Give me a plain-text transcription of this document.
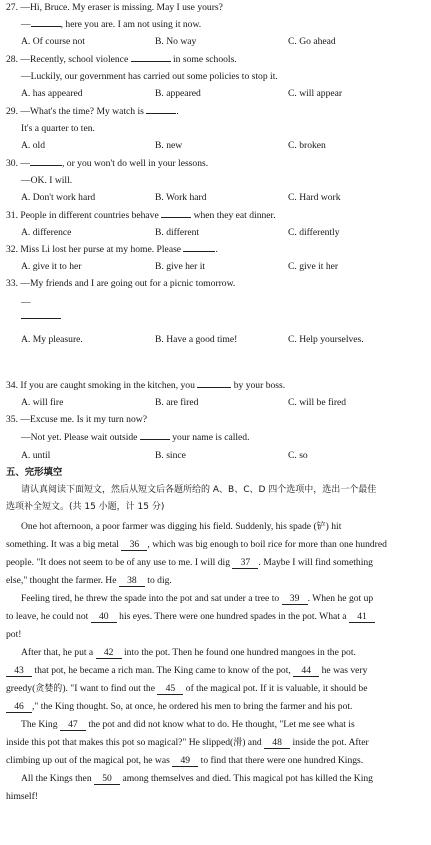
27. —Hi, Bruce. My eraser is missing. May I use yours?
—	, here you are. I am not using it now.
A. Of course not	B. No way	C. Go ahead
28. —Recently, school violence	in some schools.
—Luckily, our government has carried out some policies to stop it.
A. has appeared	B. appeared	C. will appear
29. —What's the time? My watch is	.
It's a quarter to ten.
A. old	B. new	C. broken
30. —	, or you won't do well in your lessons.
—OK. I will.
A. Don't work hard	B. Work hard	C. Hard work
31. People in different countries behave	when they eat dinner.
A. difference	B. different	C. differently
32. Miss Li lost her purse at my home. Please	.
A. give it to her	B. give her it	C. give it her
33. —My friends and I are going out for a picnic tomorrow.
—
A. My pleasure.	B. Have a good time!	C. Help yourselves.
34. If you are caught smoking in the kitchen, you	by your boss.
A. will fire	B. are fired	C. will be fired
35. —Excuse me. Is it my turn now?
—Not yet. Please wait outside	your name is called.
A. until	B. since	C. so
五、完形填空
请认真阅读下面短文，然后从短文后各题所给的 A、B、C、D 四个选项中，选出一个最佳
选项补全短文。(共 15 小题，计 15 分)
One hot afternoon, a poor farmer was digging his field. Suddenly, his spade (铲) hit
something. It was a big metal 36 , which was big enough to boil rice for more than one hundred
people. "It does not seem to be of any use to me. I will dig 37 . Maybe I will find something
else," thought the farmer. He 38 to dig.
Feeling tired, he threw the spade into the pot and sat under a tree to 39 . When he got up
to leave, he could not 40 his eyes. There were one hundred spades in the pot. What a 41
pot!
After that, he put a 42 into the pot. Then he found one hundred mangoes in the pot.
43 that pot, he became a rich man. The King came to know of the pot, 44 he was very
greedy(贪婪的). "I want to find out the 45 of the magical pot. If it is valuable, it should be
46 ," the King thought. So, at once, he ordered his men to bring the farmer and his pot.
The King 47 the pot and did not know what to do. He thought, "Let me see what is
inside this pot that makes this pot so magical?" He slipped(滑) and 48 inside the pot. After
climbing up out of the magical pot, he was 49 to find that there were one hundred Kings.
All the Kings then 50 among themselves and died. This magical pot has killed the King
himself!
